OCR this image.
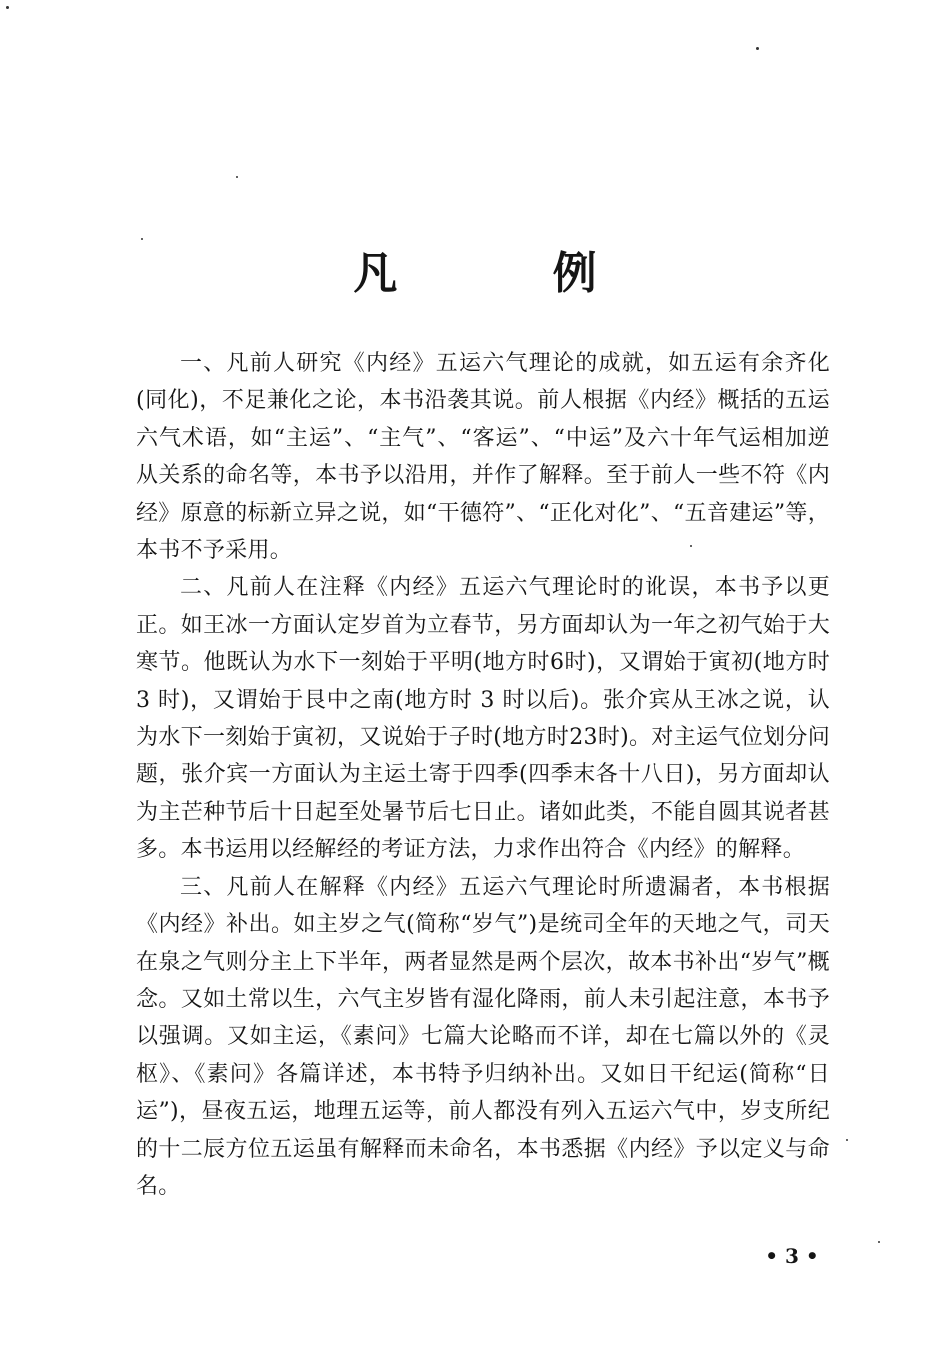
凡 例

一、凡前人研究《内经》五运六气理论的成就，如五运有余齐化(同化)，不足兼化之论，本书沿袭其说。前人根据《内经》概括的五运六气术语，如“主运”、“主气”、“客运”、“中运”及六十年气运相加逆从关系的命名等，本书予以沿用，并作了解释。至于前人一些不符《内经》原意的标新立异之说，如“干德符”、“正化对化”、“五音建运”等，本书不予采用。

二、凡前人在注释《内经》五运六气理论时的讹误，本书予以更正。如王冰一方面认定岁首为立春节，另方面却认为一年之初气始于大寒节。他既认为水下一刻始于平明(地方时6时)，又谓始于寅初(地方时 3 时)，又谓始于艮中之南(地方时 3 时以后)。张介宾从王冰之说，认为水下一刻始于寅初，又说始于子时(地方时23时)。对主运气位划分问题，张介宾一方面认为主运土寄于四季(四季末各十八日)，另方面却认为主芒种节后十日起至处暑节后七日止。诸如此类，不能自圆其说者甚多。本书运用以经解经的考证方法，力求作出符合《内经》的解释。

三、凡前人在解释《内经》五运六气理论时所遗漏者，本书根据《内经》补出。如主岁之气(简称“岁气”)是统司全年的天地之气，司天在泉之气则分主上下半年，两者显然是两个层次，故本书补出“岁气”概念。又如土常以生，六气主岁皆有湿化降雨，前人未引起注意，本书予以强调。又如主运，《素问》七篇大论略而不详，却在七篇以外的《灵枢》、《素问》各篇详述，本书特予归纳补出。又如日干纪运(简称“日运”)，昼夜五运，地理五运等，前人都没有列入五运六气中，岁支所纪的十二辰方位五运虽有解释而未命名，本书悉据《内经》予以定义与命名。

• 3 •
